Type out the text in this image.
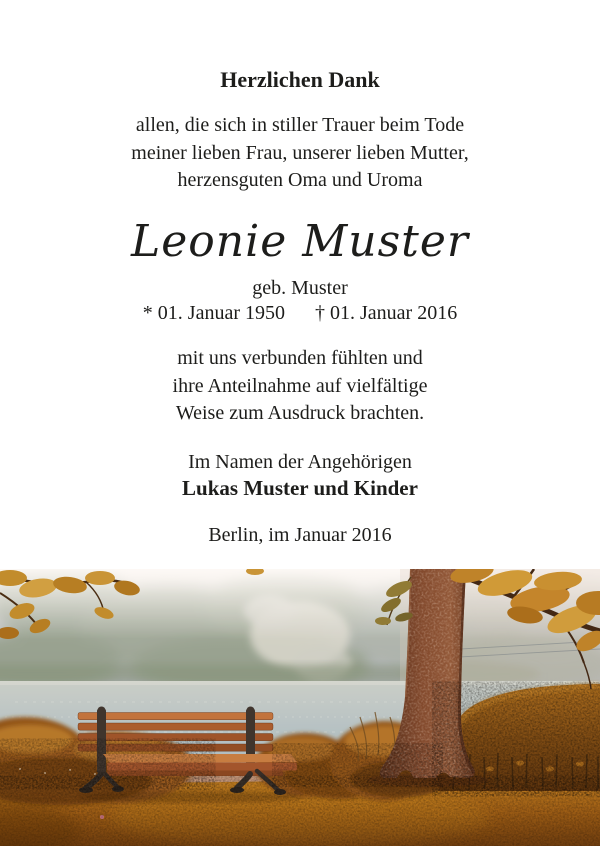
Herzlichen Dank
allen, die sich in stiller Trauer beim Tode
meiner lieben Frau, unserer lieben Mutter,
herzensguten Oma und Uroma
Leonie Muster
geb. Muster
* 01. Januar 1950 † 01. Januar 2016
mit uns verbunden fühlten und
ihre Anteilnahme auf vielfältige
Weise zum Ausdruck brachten.
Im Namen der Angehörigen
Lukas Muster und Kinder
Berlin, im Januar 2016
